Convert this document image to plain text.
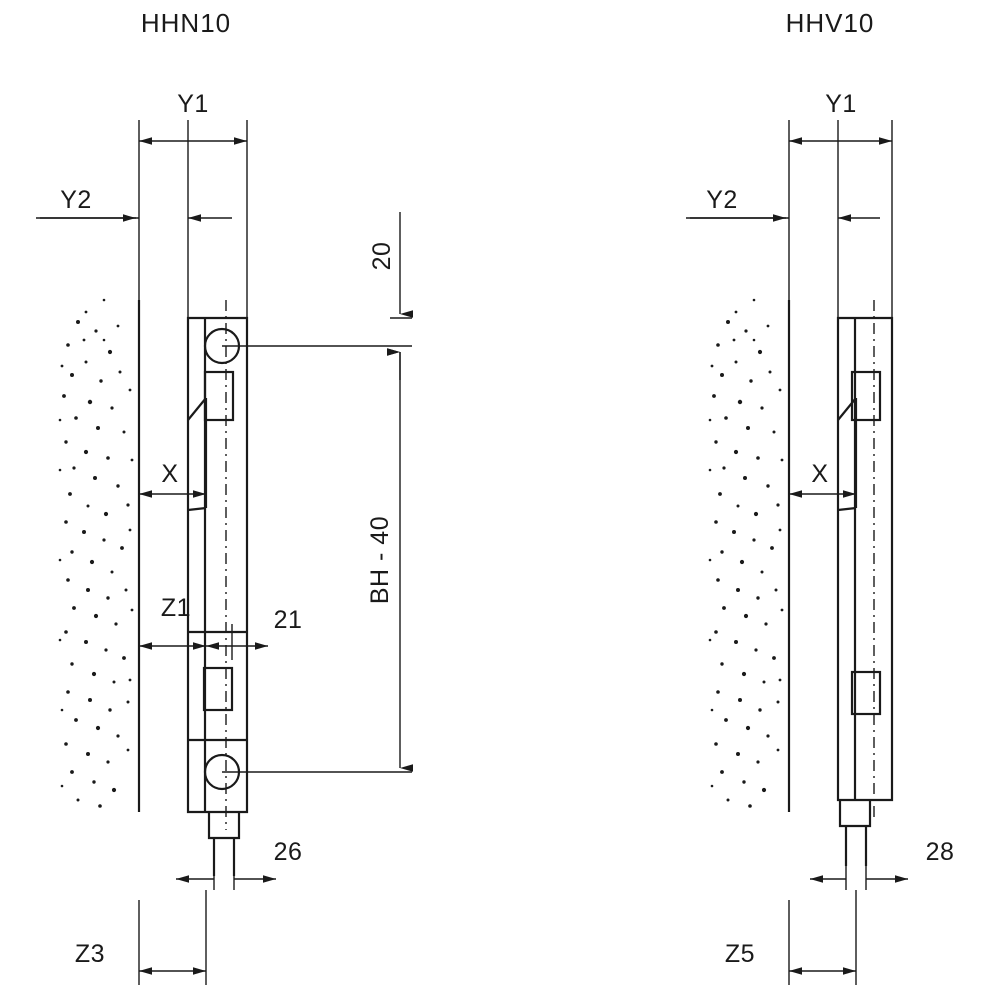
Y1
Y2
20
BH - 40
X
Z1	21
26
Z3
HHN10
Y1
Y2
X
28
Z5
HHV10
